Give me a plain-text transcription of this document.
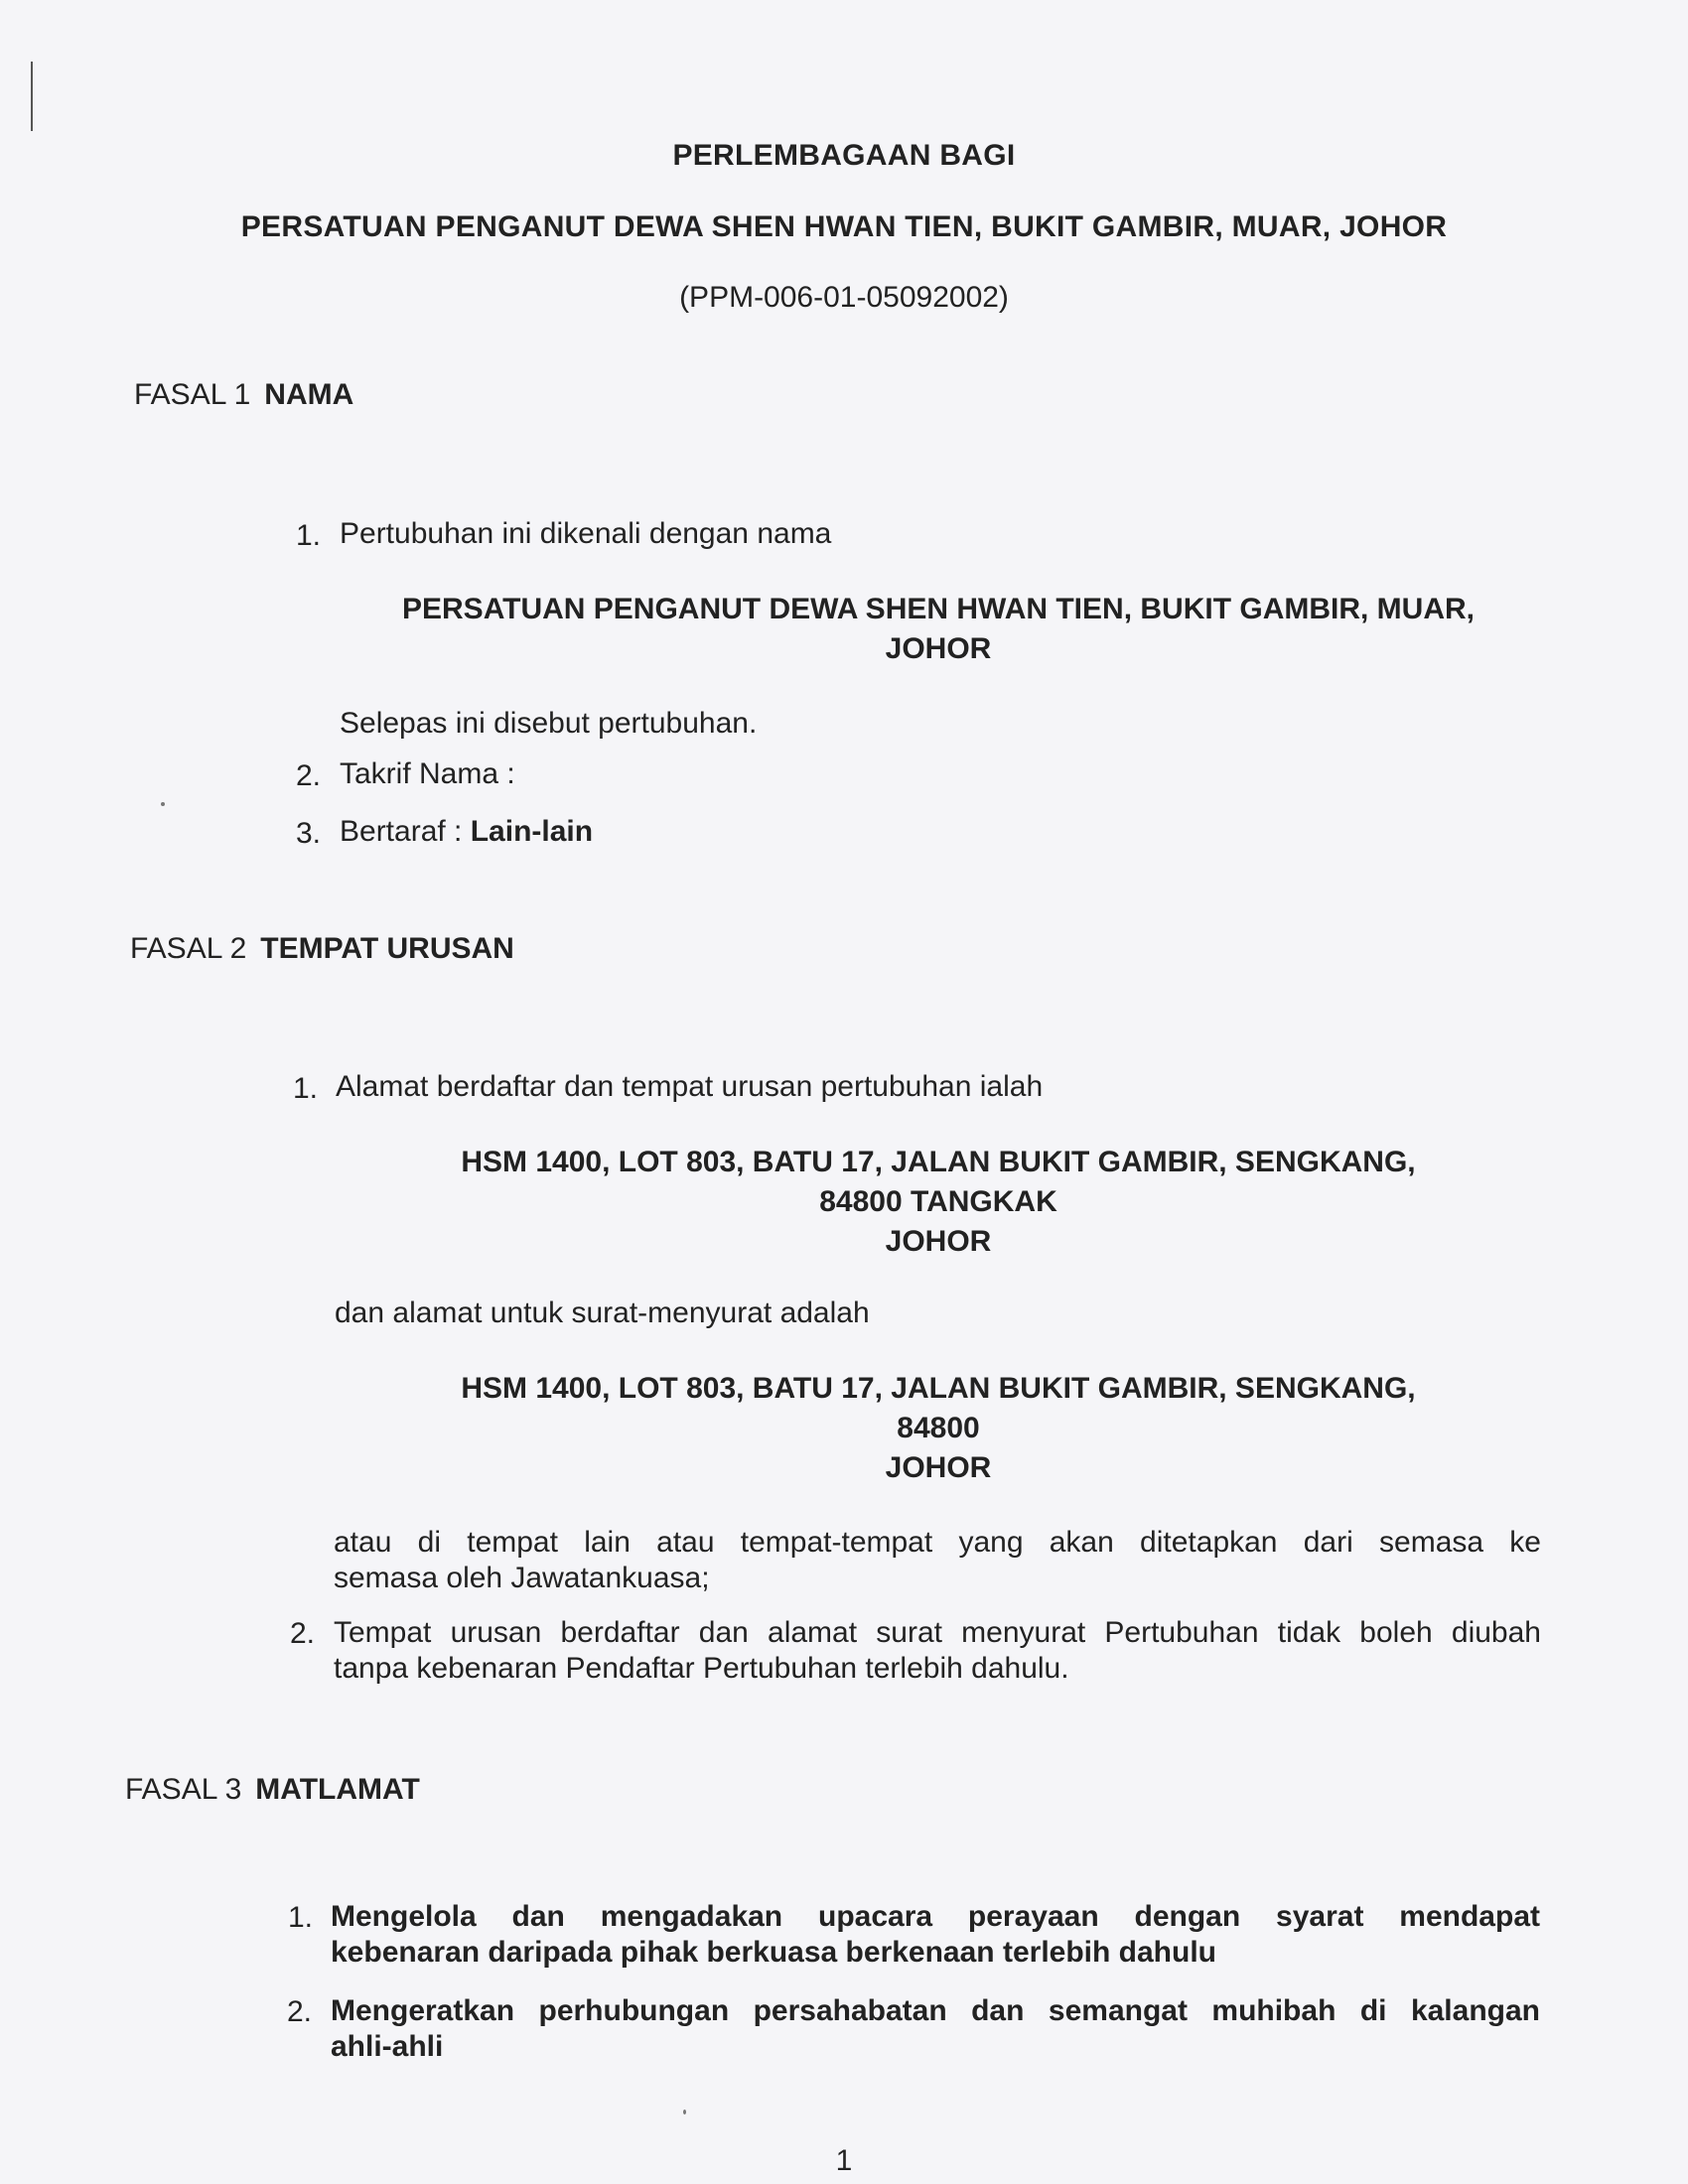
PERLEMBAGAAN BAGI
PERSATUAN PENGANUT DEWA SHEN HWAN TIEN, BUKIT GAMBIR, MUAR, JOHOR
(PPM-006-01-05092002)
FASAL 1 NAMA
1. Pertubuhan ini dikenali dengan nama
PERSATUAN PENGANUT DEWA SHEN HWAN TIEN, BUKIT GAMBIR, MUAR,
JOHOR
Selepas ini disebut pertubuhan.
2. Takrif Nama :
3. Bertaraf : Lain-lain
FASAL 2 TEMPAT URUSAN
1. Alamat berdaftar dan tempat urusan pertubuhan ialah
HSM 1400, LOT 803, BATU 17, JALAN BUKIT GAMBIR, SENGKANG,
84800 TANGKAK
JOHOR
dan alamat untuk surat-menyurat adalah
HSM 1400, LOT 803, BATU 17, JALAN BUKIT GAMBIR, SENGKANG,
84800
JOHOR
atau di tempat lain atau tempat-tempat yang akan ditetapkan dari semasa ke
semasa oleh Jawatankuasa;
2. Tempat urusan berdaftar dan alamat surat menyurat Pertubuhan tidak boleh diubah
tanpa kebenaran Pendaftar Pertubuhan terlebih dahulu.
FASAL 3 MATLAMAT
1. Mengelola dan mengadakan upacara perayaan dengan syarat mendapat
kebenaran daripada pihak berkuasa berkenaan terlebih dahulu
2. Mengeratkan perhubungan persahabatan dan semangat muhibah di kalangan
ahli-ahli
1
